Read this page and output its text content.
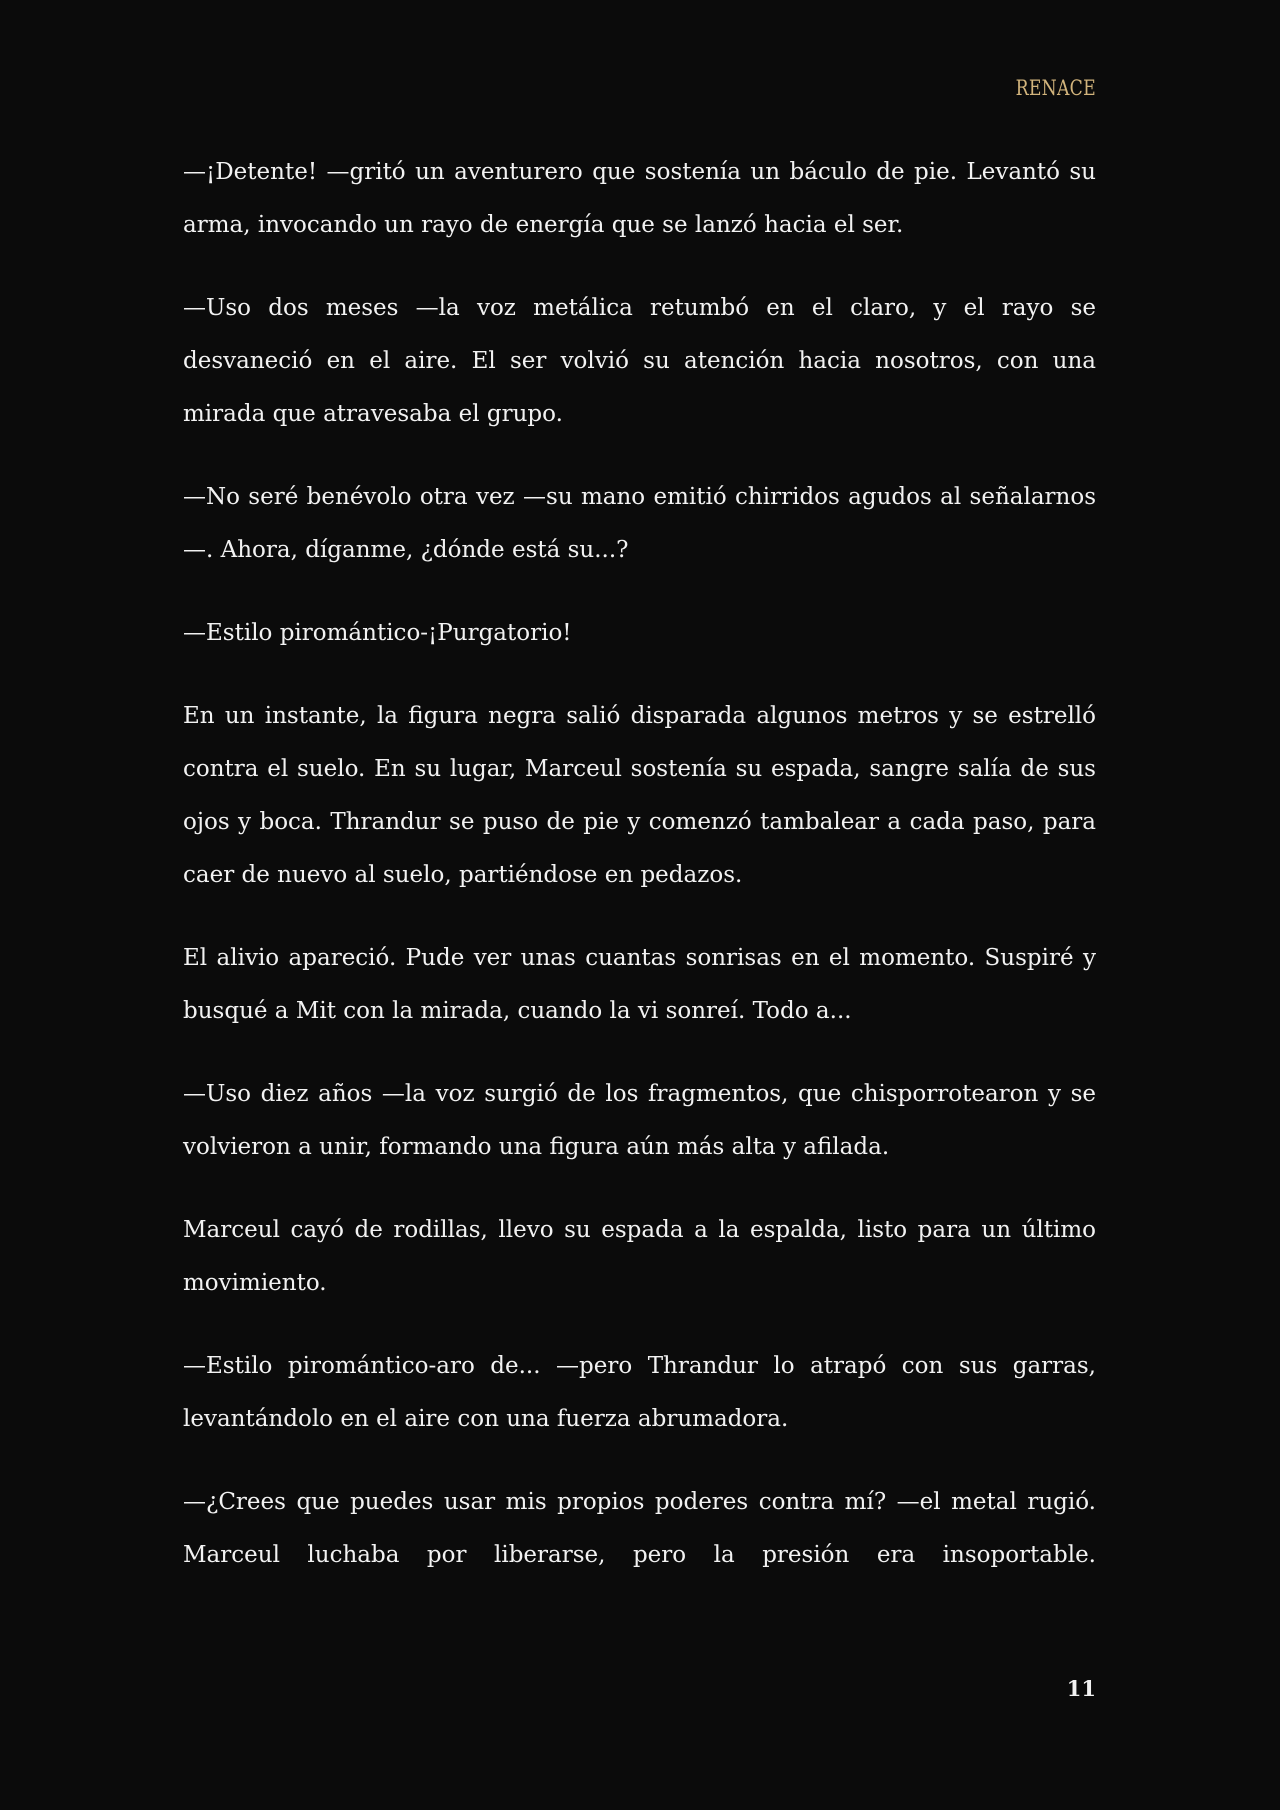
RENACE

—¡Detente! —gritó un aventurero que sostenía un báculo de pie. Levantó su arma, invocando un rayo de energía que se lanzó hacia el ser.

—Uso dos meses —la voz metálica retumbó en el claro, y el rayo se desvaneció en el aire. El ser volvió su atención hacia nosotros, con una mirada que atravesaba el grupo.

—No seré benévolo otra vez —su mano emitió chirridos agudos al señalarnos—. Ahora, díganme, ¿dónde está su...?

—Estilo piromántico-¡Purgatorio!

En un instante, la figura negra salió disparada algunos metros y se estrelló contra el suelo. En su lugar, Marceul sostenía su espada, sangre salía de sus ojos y boca. Thrandur se puso de pie y comenzó tambalear a cada paso, para caer de nuevo al suelo, partiéndose en pedazos.

El alivio apareció. Pude ver unas cuantas sonrisas en el momento. Suspiré y busqué a Mit con la mirada, cuando la vi sonreí. Todo a...

—Uso diez años —la voz surgió de los fragmentos, que chisporrotearon y se volvieron a unir, formando una figura aún más alta y afilada.

Marceul cayó de rodillas, llevo su espada a la espalda, listo para un último movimiento.

—Estilo piromántico-aro de... —pero Thrandur lo atrapó con sus garras, levantándolo en el aire con una fuerza abrumadora.

—¿Crees que puedes usar mis propios poderes contra mí? —el metal rugió. Marceul luchaba por liberarse, pero la presión era insoportable.

11
